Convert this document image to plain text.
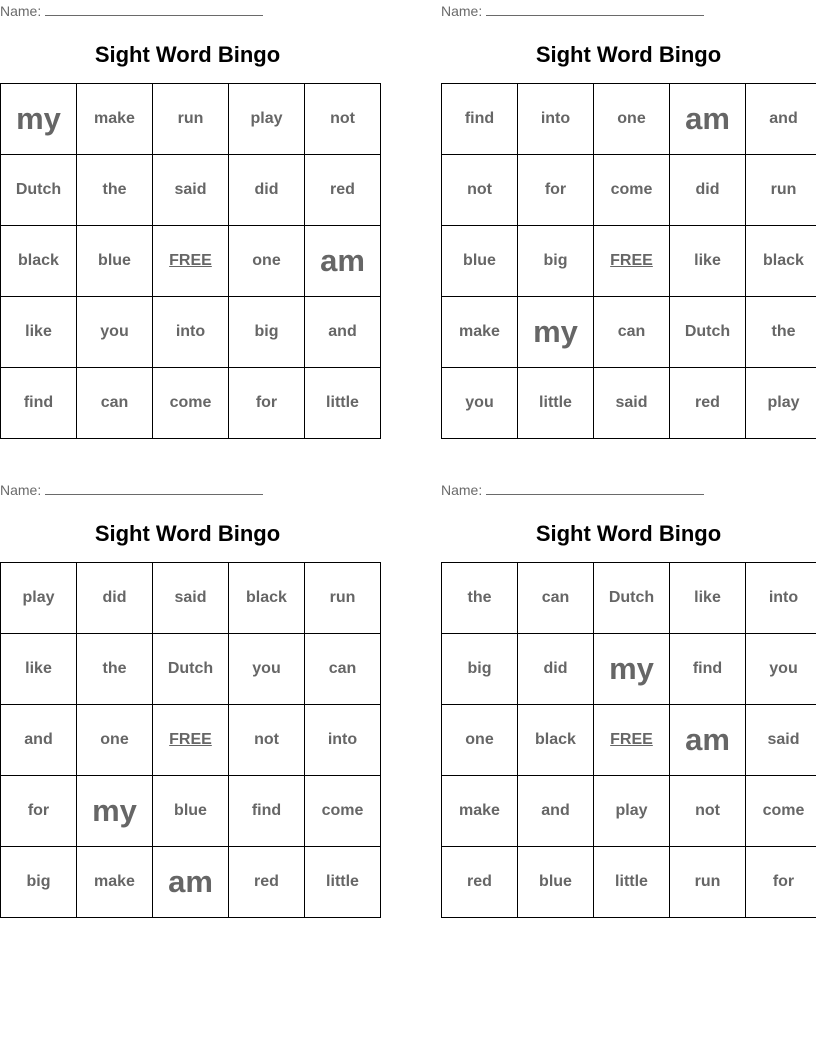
Name:
Sight Word Bingo
my	make	run	play	not
Dutch	the	said	did	red
black	blue	FREE	one	am
like	you	into	big	and
find	can	come	for	little
Name:
Sight Word Bingo
find	into	one	am	and
not	for	come	did	run
blue	big	FREE	like	black
make	my	can	Dutch	the
you	little	said	red	play
Name:
Sight Word Bingo
play	did	said	black	run
like	the	Dutch	you	can
and	one	FREE	not	into
for	my	blue	find	come
big	make	am	red	little
Name:
Sight Word Bingo
the	can	Dutch	like	into
big	did	my	find	you
one	black	FREE	am	said
make	and	play	not	come
red	blue	little	run	for
